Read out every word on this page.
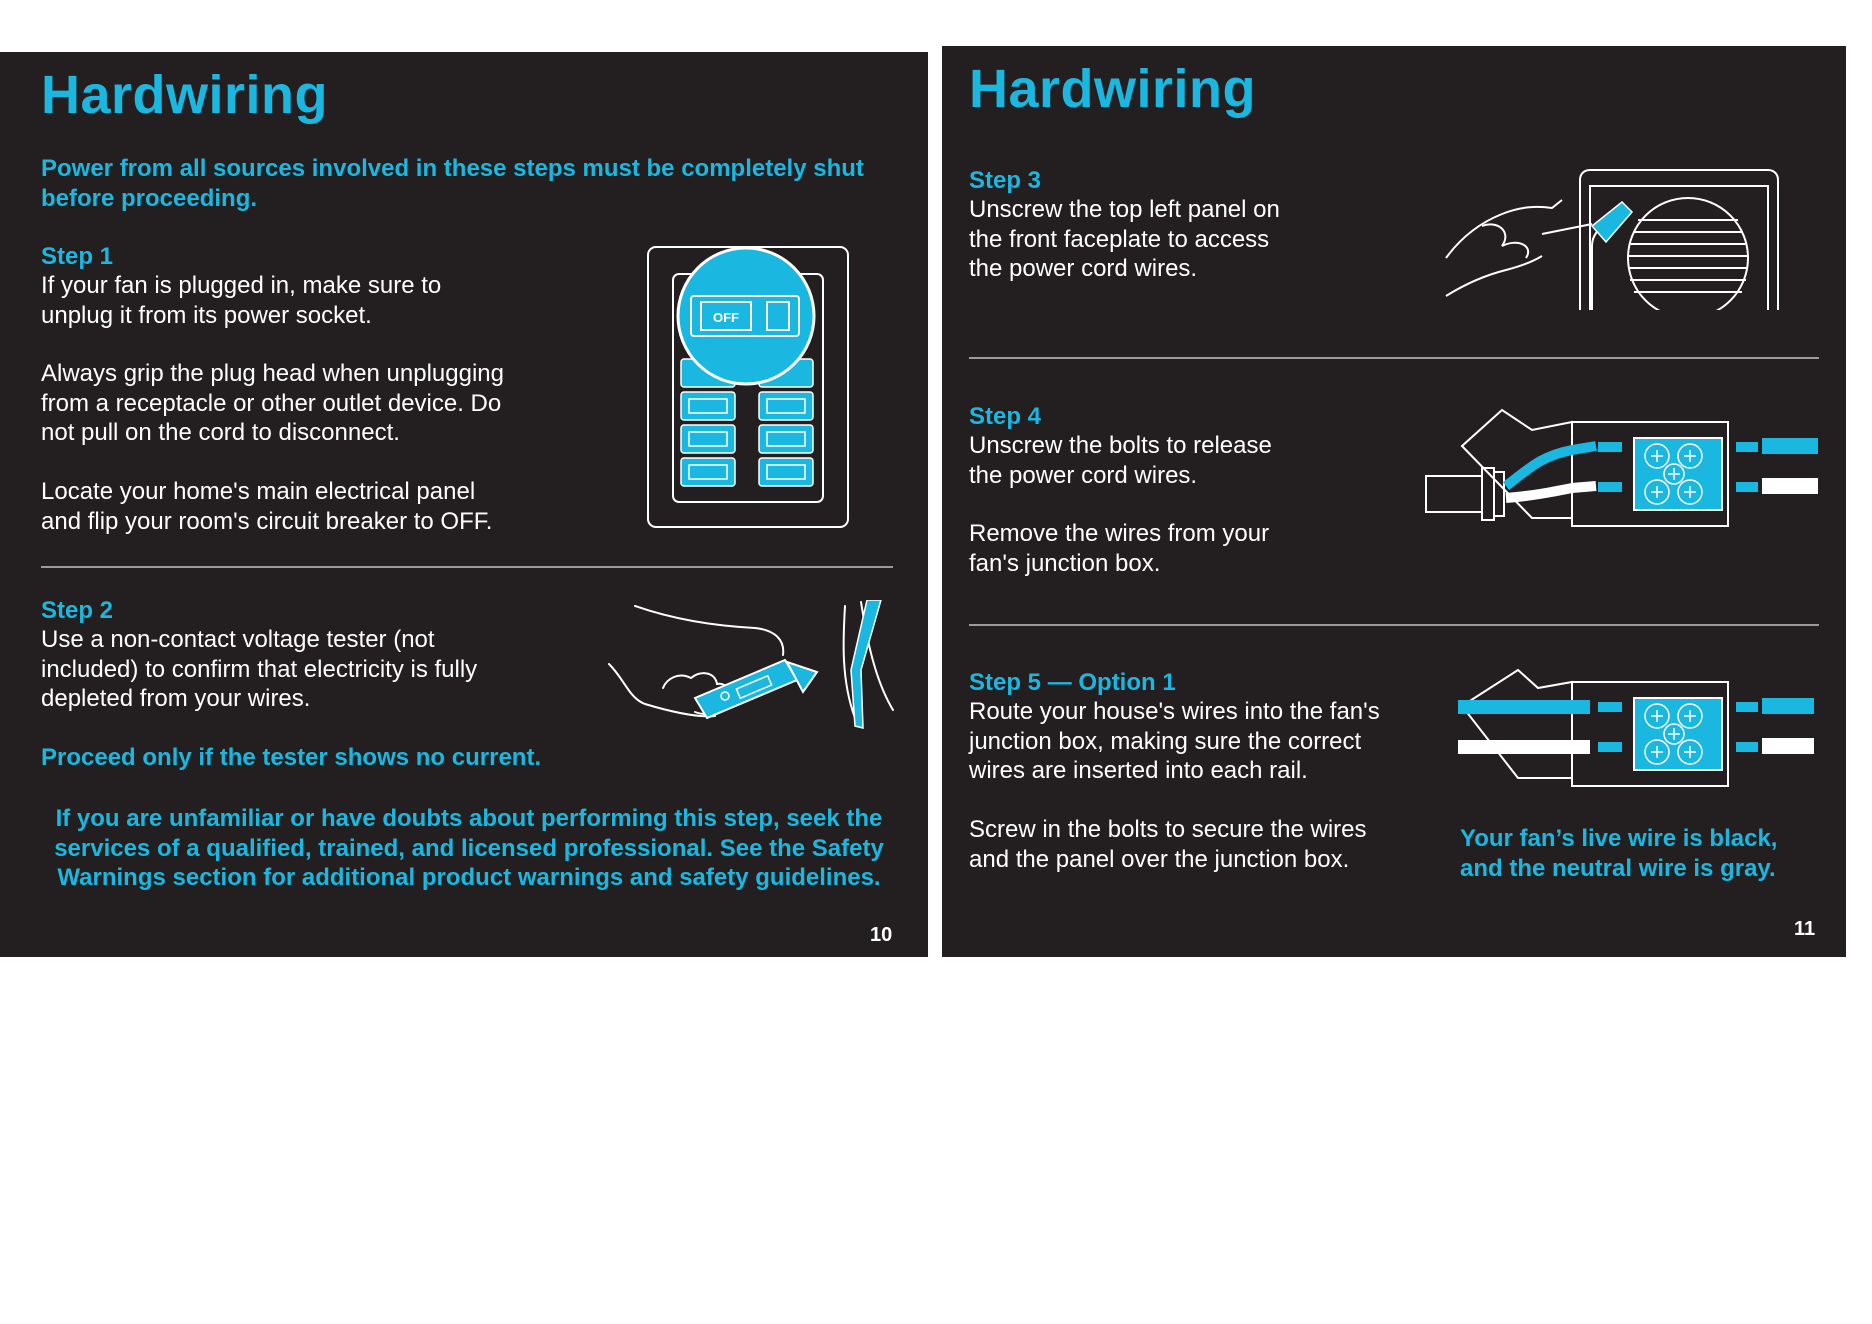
Hardwiring
Power from all sources involved in these steps must be completely shut
before proceeding.
Step 1
If your fan is plugged in, make sure to
unplug it from its power socket.
Always grip the plug head when unplugging
from a receptacle or other outlet device. Do
not pull on the cord to disconnect.
Locate your home's main electrical panel
and flip your room's circuit breaker to OFF.
OFF
Step 2
Use a non-contact voltage tester (not
included) to confirm that electricity is fully
depleted from your wires.
Proceed only if the tester shows no current.
If you are unfamiliar or have doubts about performing this step, seek the
services of a qualified, trained, and licensed professional. See the Safety
Warnings section for additional product warnings and safety guidelines.
10
Hardwiring
Step 3
Unscrew the top left panel on
the front faceplate to access
the power cord wires.
Step 4
Unscrew the bolts to release
the power cord wires.
Remove the wires from your
fan's junction box.
Step 5 — Option 1
Route your house's wires into the fan's
junction box, making sure the correct
wires are inserted into each rail.
Screw in the bolts to secure the wires
and the panel over the junction box.
Your fan’s live wire is black,
and the neutral wire is gray.
11
